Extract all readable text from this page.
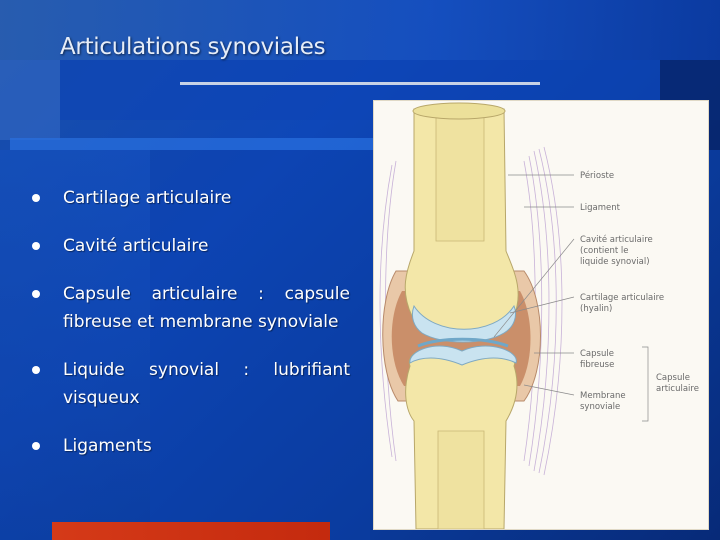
Articulations synoviales
Cartilage articulaire
Cavité articulaire
Capsule articulaire : capsule fibreuse et membrane synoviale
Liquide synovial : lubrifiant visqueux
Ligaments
Périoste
Ligament
Cavité articulaire
(contient le
liquide synovial)
Cartilage articulaire
(hyalin)
Capsule
fibreuse
Membrane
synoviale
Capsule
articulaire
